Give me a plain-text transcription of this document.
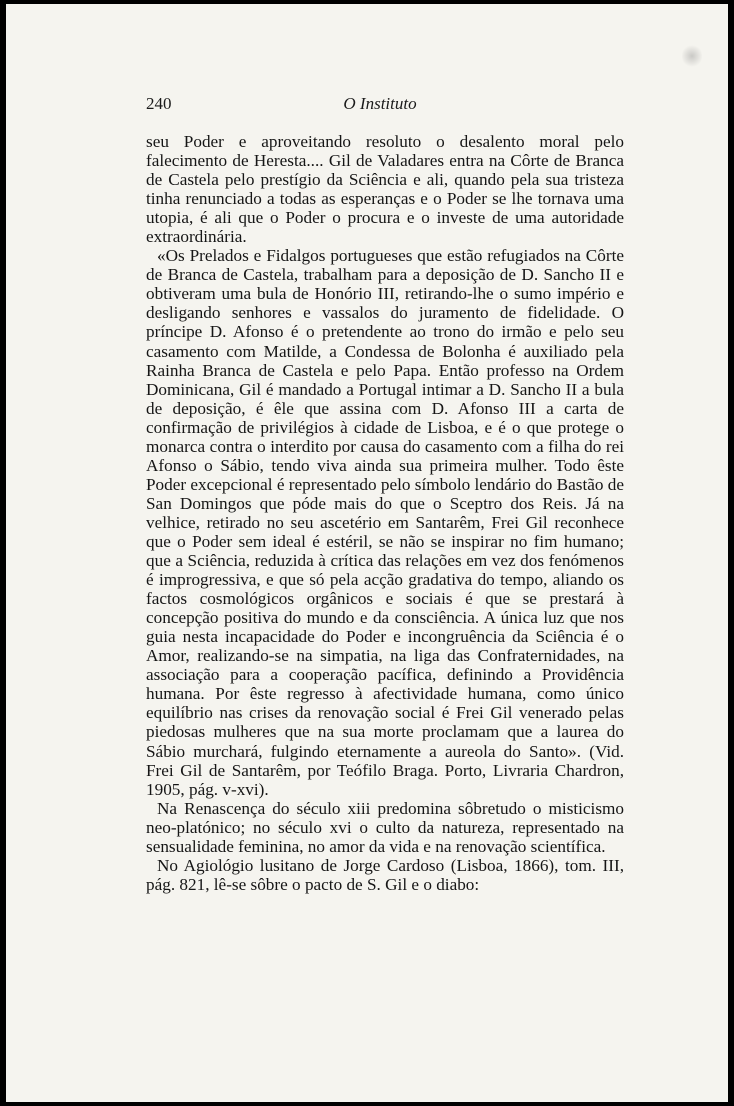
240	O Instituto

seu Poder e aproveitando resoluto o desalento moral pelo falecimento de Heresta.... Gil de Valadares entra na Côrte de Branca de Castela pelo prestígio da Sciência e ali, quando pela sua tristeza tinha renunciado a todas as esperanças e o Poder se lhe tornava uma utopia, é ali que o Poder o procura e o investe de uma autoridade extraordinária.

«Os Prelados e Fidalgos portugueses que estão refugiados na Côrte de Branca de Castela, trabalham para a deposição de D. Sancho II e obtiveram uma bula de Honório III, retirando-lhe o sumo império e desligando senhores e vassalos do juramento de fidelidade. O príncipe D. Afonso é o pretendente ao trono do irmão e pelo seu casamento com Matilde, a Condessa de Bolonha é auxiliado pela Rainha Branca de Castela e pelo Papa. Então professo na Ordem Dominicana, Gil é mandado a Portugal intimar a D. Sancho II a bula de deposição, é êle que assina com D. Afonso III a carta de confirmação de privilégios à cidade de Lisboa, e é o que protege o monarca contra o interdito por causa do casamento com a filha do rei Afonso o Sábio, tendo viva ainda sua primeira mulher. Todo êste Poder excepcional é representado pelo símbolo lendário do Bastão de San Domingos que póde mais do que o Sceptro dos Reis. Já na velhice, retirado no seu ascetério em Santarêm, Frei Gil reconhece que o Poder sem ideal é estéril, se não se inspirar no fim humano; que a Sciência, reduzida à crítica das relações em vez dos fenómenos é improgressiva, e que só pela acção gradativa do tempo, aliando os factos cosmológicos orgânicos e sociais é que se prestará à concepção positiva do mundo e da consciência. A única luz que nos guia nesta incapacidade do Poder e incongruência da Sciência é o Amor, realizando-se na simpatia, na liga das Confraternidades, na associação para a cooperação pacífica, definindo a Providência humana. Por êste regresso à afectividade humana, como único equilíbrio nas crises da renovação social é Frei Gil venerado pelas piedosas mulheres que na sua morte proclamam que a laurea do Sábio murchará, fulgindo eternamente a aureola do Santo». (Vid. Frei Gil de Santarêm, por Teófilo Braga. Porto, Livraria Chardron, 1905, pág. v-xvi).

Na Renascença do século xiii predomina sôbretudo o misticismo neo-platónico; no século xvi o culto da natureza, representado na sensualidade feminina, no amor da vida e na renovação scientífica.

No Agiológio lusitano de Jorge Cardoso (Lisboa, 1866), tom. III, pág. 821, lê-se sôbre o pacto de S. Gil e o diabo:
